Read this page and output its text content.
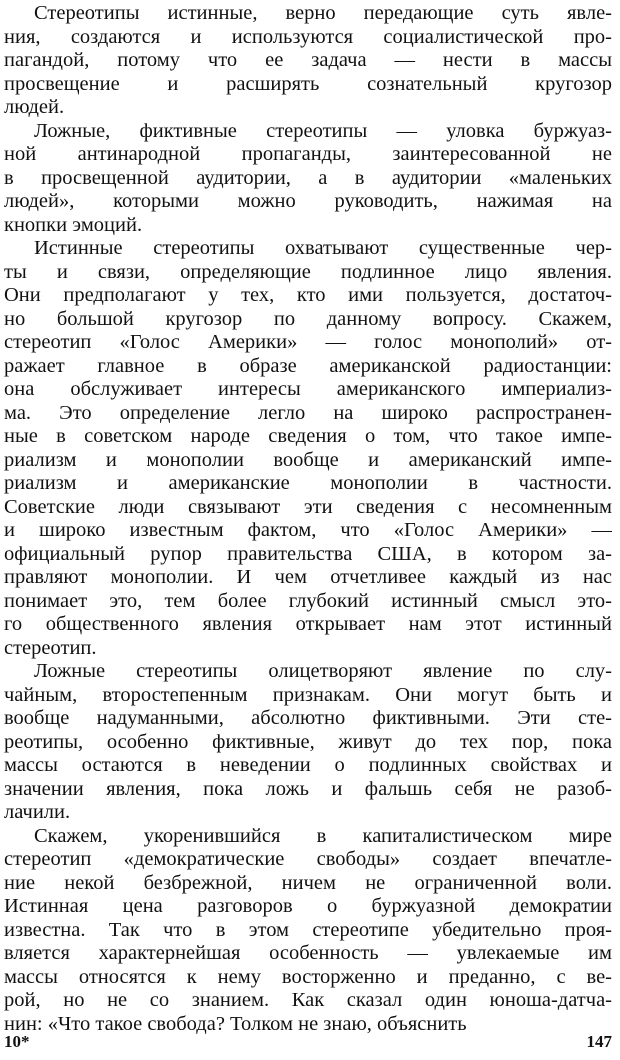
Стереотипы истинные, верно передающие суть явле-
ния, создаются и используются социалистической про-
пагандой, потому что ее задача — нести в массы
просвещение и расширять сознательный кругозор
людей.
Ложные, фиктивные стереотипы — уловка буржуаз-
ной антинародной пропаганды, заинтересованной не
в просвещенной аудитории, а в аудитории «маленьких
людей», которыми можно руководить, нажимая на
кнопки эмоций.
Истинные стереотипы охватывают существенные чер-
ты и связи, определяющие подлинное лицо явления.
Они предполагают у тех, кто ими пользуется, достаточ-
но большой кругозор по данному вопросу. Скажем,
стереотип «Голос Америки» — голос монополий» от-
ражает главное в образе американской радиостанции:
она обслуживает интересы американского империализ-
ма. Это определение легло на широко распространен-
ные в советском народе сведения о том, что такое импе-
риализм и монополии вообще и американский импе-
риализм и американские монополии в частности.
Советские люди связывают эти сведения с несомненным
и широко известным фактом, что «Голос Америки» —
официальный рупор правительства США, в котором за-
правляют монополии. И чем отчетливее каждый из нас
понимает это, тем более глубокий истинный смысл это-
го общественного явления открывает нам этот истинный
стереотип.
Ложные стереотипы олицетворяют явление по слу-
чайным, второстепенным признакам. Они могут быть и
вообще надуманными, абсолютно фиктивными. Эти сте-
реотипы, особенно фиктивные, живут до тех пор, пока
массы остаются в неведении о подлинных свойствах и
значении явления, пока ложь и фальшь себя не разоб-
лачили.
Скажем, укоренившийся в капиталистическом мире
стереотип «демократические свободы» создает впечатле-
ние некой безбрежной, ничем не ограниченной воли.
Истинная цена разговоров о буржуазной демократии
известна. Так что в этом стереотипе убедительно проя-
вляется характернейшая особенность — увлекаемые им
массы относятся к нему восторженно и преданно, с ве-
рой, но не со знанием. Как сказал один юноша-датча-
нин: «Что такое свобода? Толком не знаю, объяснить
10*	147
